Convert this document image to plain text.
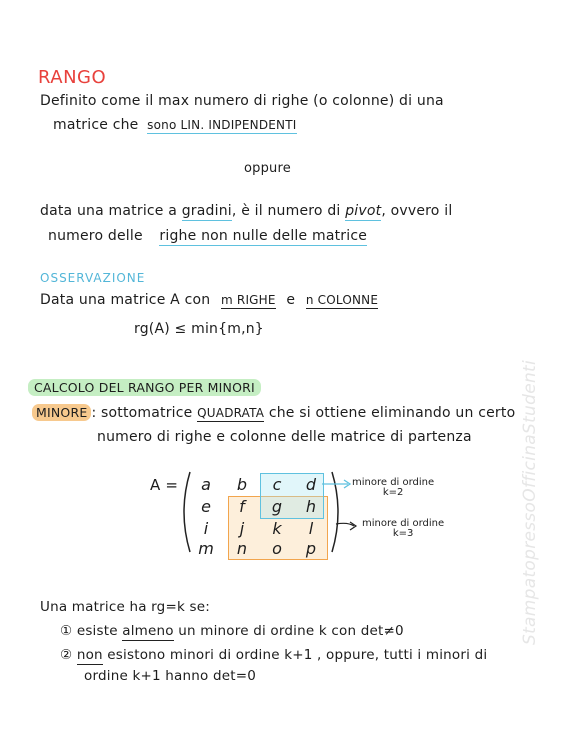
StampatopressoOfficinaStudenti
RANGO
Definito come il max numero di righe (o colonne) di una
matrice che sono LIN. INDIPENDENTI
oppure
data una matrice a gradini, è il numero di pivot, ovvero il
numero delle righe non nulle delle matrice
OSSERVAZIONE
Data una matrice A con m RIGHE e n COLONNE
rg(A) ≤ min{m,n}
CALCOLO DEL RANGO PER MINORI
MINORE : sottomatrice QUADRATA che si ottiene eliminando un certo
numero di righe e colonne delle matrice di partenza
A =	a	b	c	d
e	f	g	h
i	j	k	l
m	n	o	p
minore di ordine
k=2
minore di ordine
k=3
Una matrice ha rg=k se:
① esiste almeno un minore di ordine k con det≠0
② non esistono minori di ordine k+1 , oppure, tutti i minori di
ordine k+1 hanno det=0
